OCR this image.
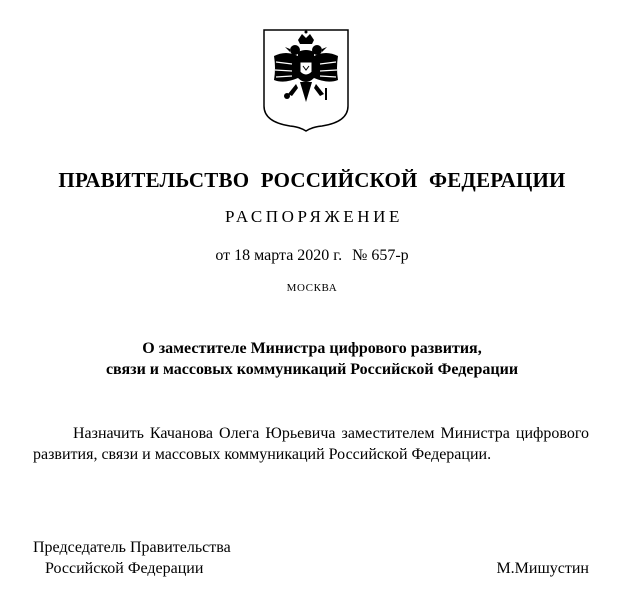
ПРАВИТЕЛЬСТВО РОССИЙСКОЙ ФЕДЕРАЦИИ
РАСПОРЯЖЕНИЕ
от 18 марта 2020 г. № 657-р
МОСКВА
О заместителе Министра цифрового развития,
связи и массовых коммуникаций Российской Федерации

Назначить Качанова Олега Юрьевича заместителем Министра цифрового развития, связи и массовых коммуникаций Российской Федерации.

Председатель Правительства
Российской Федерации	М.Мишустин
